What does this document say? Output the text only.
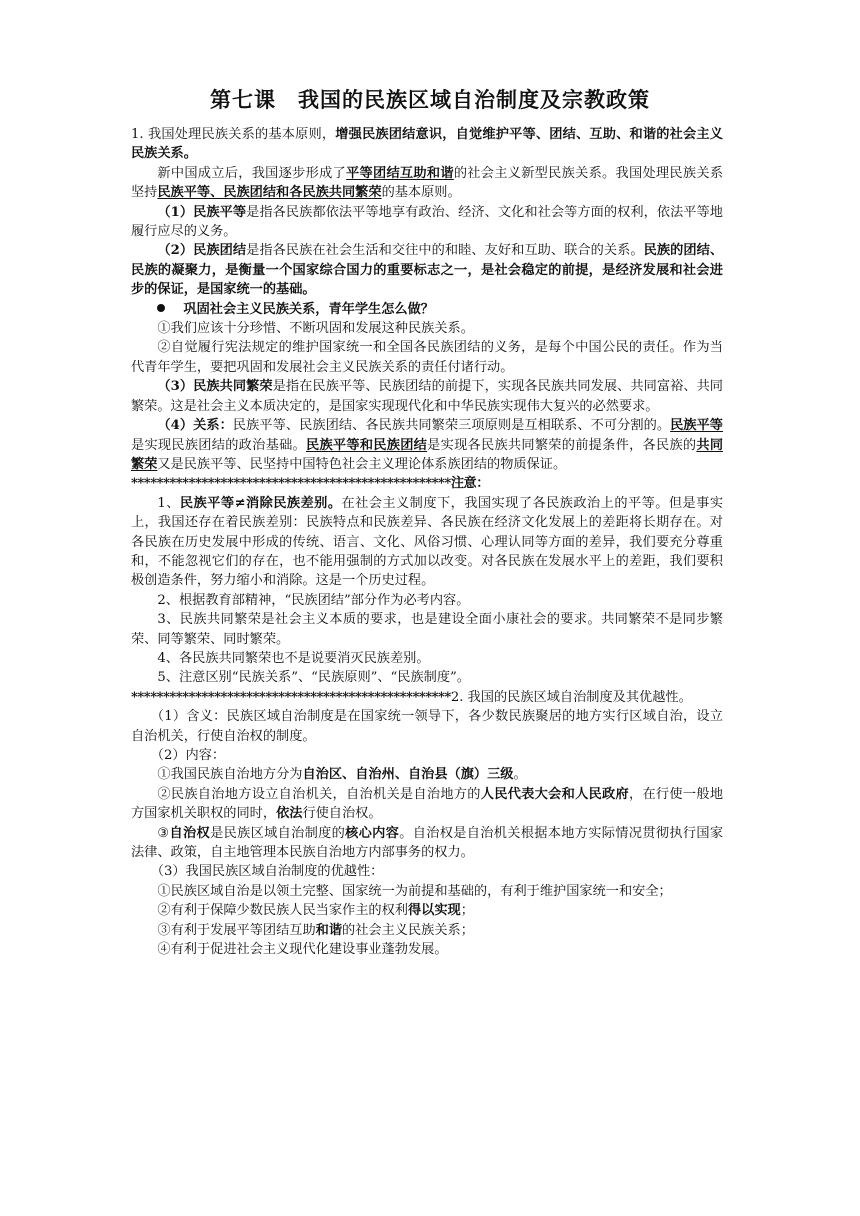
第七课 我国的民族区域自治制度及宗教政策

1. 我国处理民族关系的基本原则，增强民族团结意识，自觉维护平等、团结、互助、和谐的社会主义民族关系。

新中国成立后，我国逐步形成了平等团结互助和谐的社会主义新型民族关系。我国处理民族关系坚持民族平等、民族团结和各民族共同繁荣的基本原则。

（1）民族平等是指各民族都依法平等地享有政治、经济、文化和社会等方面的权利，依法平等地履行应尽的义务。

（2）民族团结是指各民族在社会生活和交往中的和睦、友好和互助、联合的关系。民族的团结、民族的凝聚力，是衡量一个国家综合国力的重要标志之一，是社会稳定的前提，是经济发展和社会进步的保证，是国家统一的基础。

巩固社会主义民族关系，青年学生怎么做？

①我们应该十分珍惜、不断巩固和发展这种民族关系。

②自觉履行宪法规定的维护国家统一和全国各民族团结的义务，是每个中国公民的责任。作为当代青年学生，要把巩固和发展社会主义民族关系的责任付诸行动。

（3）民族共同繁荣是指在民族平等、民族团结的前提下，实现各民族共同发展、共同富裕、共同繁荣。这是社会主义本质决定的，是国家实现现代化和中华民族实现伟大复兴的必然要求。

（4）关系：民族平等、民族团结、各民族共同繁荣三项原则是互相联系、不可分割的。民族平等是实现民族团结的政治基础。民族平等和民族团结是实现各民族共同繁荣的前提条件，各民族的共同繁荣又是民族平等、民坚持中国特色社会主义理论体系族团结的物质保证。

**************************************************注意：

1、民族平等≠消除民族差别。在社会主义制度下，我国实现了各民族政治上的平等。但是事实上，我国还存在着民族差别：民族特点和民族差异、各民族在经济文化发展上的差距将长期存在。对各民族在历史发展中形成的传统、语言、文化、风俗习惯、心理认同等方面的差异，我们要充分尊重和，不能忽视它们的存在，也不能用强制的方式加以改变。对各民族在发展水平上的差距，我们要积极创造条件，努力缩小和消除。这是一个历史过程。

2、根据教育部精神，“民族团结”部分作为必考内容。

3、民族共同繁荣是社会主义本质的要求，也是建设全面小康社会的要求。共同繁荣不是同步繁荣、同等繁荣、同时繁荣。

4、各民族共同繁荣也不是说要消灭民族差别。

5、注意区别“民族关系”、“民族原则”、“民族制度”。

**************************************************2. 我国的民族区域自治制度及其优越性。

（1）含义：民族区域自治制度是在国家统一领导下，各少数民族聚居的地方实行区域自治，设立自治机关，行使自治权的制度。

（2）内容：

①我国民族自治地方分为自治区、自治州、自治县（旗）三级。

②民族自治地方设立自治机关，自治机关是自治地方的人民代表大会和人民政府，在行使一般地方国家机关职权的同时，依法行使自治权。

③自治权是民族区域自治制度的核心内容。自治权是自治机关根据本地方实际情况贯彻执行国家法律、政策，自主地管理本民族自治地方内部事务的权力。

（3）我国民族区域自治制度的优越性：

①民族区域自治是以领土完整、国家统一为前提和基础的，有利于维护国家统一和安全；

②有利于保障少数民族人民当家作主的权利得以实现；

③有利于发展平等团结互助和谐的社会主义民族关系；

④有利于促进社会主义现代化建设事业蓬勃发展。
